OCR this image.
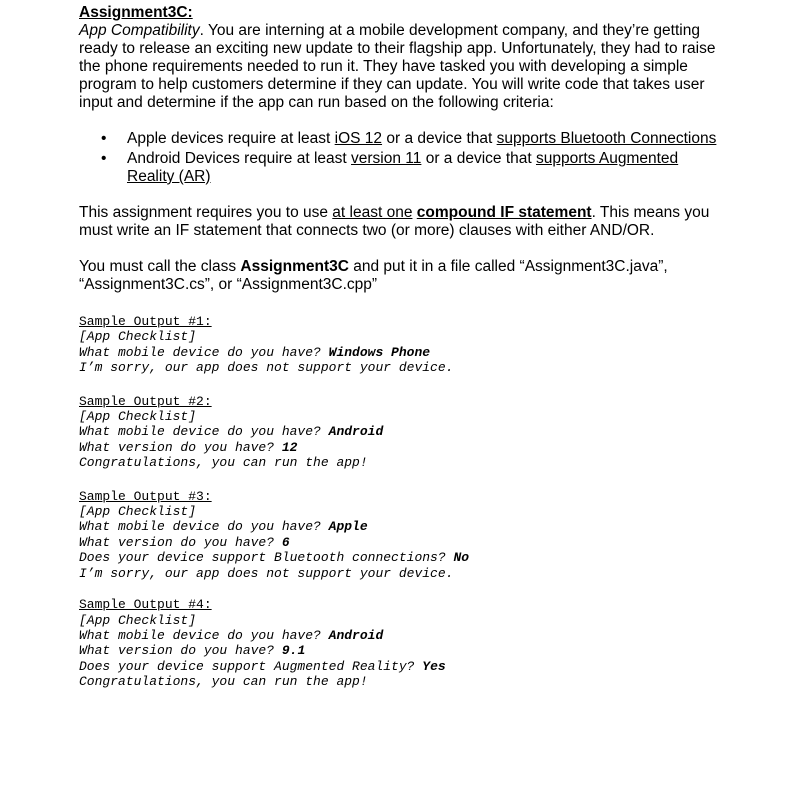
Assignment3C:

App Compatibility. You are interning at a mobile development company, and they’re getting ready to release an exciting new update to their flagship app. Unfortunately, they had to raise the phone requirements needed to run it. They have tasked you with developing a simple program to help customers determine if they can update. You will write code that takes user input and determine if the app can run based on the following criteria:

• Apple devices require at least iOS 12 or a device that supports Bluetooth Connections
• Android Devices require at least version 11 or a device that supports Augmented Reality (AR)

This assignment requires you to use at least one compound IF statement. This means you must write an IF statement that connects two (or more) clauses with either AND/OR.

You must call the class Assignment3C and put it in a file called “Assignment3C.java”, “Assignment3C.cs”, or “Assignment3C.cpp”

Sample Output #1:
[App Checklist]
What mobile device do you have? Windows Phone
I’m sorry, our app does not support your device.
Sample Output #2:
[App Checklist]
What mobile device do you have? Android
What version do you have? 12
Congratulations, you can run the app!
Sample Output #3:
[App Checklist]
What mobile device do you have? Apple
What version do you have? 6
Does your device support Bluetooth connections? No
I’m sorry, our app does not support your device.
Sample Output #4:
[App Checklist]
What mobile device do you have? Android
What version do you have? 9.1
Does your device support Augmented Reality? Yes
Congratulations, you can run the app!
